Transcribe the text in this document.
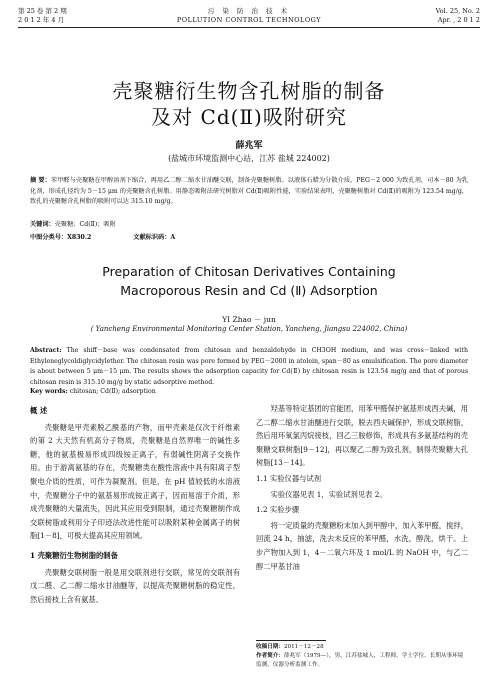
第 25 卷 第 2 期

2 0 1 2 年 4 月

污 染 防 治 技 术

POLLUTION CONTROL TECHNOLOGY

Vol. 25, No. 2

Apr. , 2 0 1 2

壳聚糖衍生物含孔树脂的制备
及对 Cd(Ⅱ)吸附研究
薛兆军
(盐城市环境监测中心站，江苏 盐城 224002)
摘 要：苯甲醛与壳聚糖在甲醇溶剂下缩合，再用乙二醇二缩水甘油醚交联，制备壳聚糖树脂。以液体石蜡为分散介质，PEG－2 000 为致孔剂，司本－80 为乳化剂，形成孔径约为 5－15 μm 的壳聚糖含孔树脂。用静态吸附法研究树脂对 Cd(Ⅱ)吸附性能，实验结果表明，壳聚糖树脂对 Cd(Ⅱ)的吸附为 123.54 mg/g，致孔的壳聚糖含孔树脂的吸附可以达 315.10 mg/g。
关键词：壳聚糖；Cd(Ⅱ)；吸附
中图分类号：X830.2	文献标识码：A
Preparation of Chitosan Derivatives Containing
Macroporous Resin and Cd (Ⅱ) Adsorption
YI Zhao － jun
( Yancheng Environmental Monitoring Center Station, Yancheng, Jiangsu 224002, China)
Abstract: The shiff－base was condensated from chitosan and benzaldehyde in CH3OH medium, and was cross－linked with Ethyleneglycoldiglycidylether. The chitosan resin was pore formed by PEG－2000 in atolein, span－80 as emulsification. The pore diameter is about between 5 μm－15 μm. The results shows the adsorption capacity for Cd(Ⅱ) by chitosan resin is 123.54 mg/g and that of porous chitosan resin is 315.10 mg/g by static adsorptive method.
Key words: chitosan; Cd(Ⅱ); adsorption
概 述

壳聚糖是甲壳素脱乙酰基的产物，而甲壳素是仅次于纤维素的第 2 大天然有机高分子物质，壳聚糖是自然界唯一的碱性多糖，他的氨基极易形成四级铵正离子，有弱碱性阴离子交换作用。由于游离氨基的存在，壳聚糖类在酸性溶液中具有阳离子型聚电介质的性质，可作为凝聚剂。但是，在 pH 值较低的水溶液中，壳聚糖分子中的氨基易形成铵正离子，因而易溶于介质，形成壳聚糖的大量流失，因此其应用受到限制，通过壳聚糖制作成交联树脂或利用分子印迹法改进性能可以吸附某种金属离子的树脂[1－8]，可极大提高其应用领域。

1 壳聚糖衍生物树脂的制备

壳聚糖交联树脂一般是用交联剂进行交联，常见的交联剂有戊二醛、乙二醇二缩水甘油醚等，以提高壳聚糖树脂的稳定性，然后接枝上含有氨基、

羟基等特定基团的官能团，用苯甲醛保护氨基形成西夫碱，用乙二醇二缩水甘油醚进行交联，脱去西夫碱保护，形成交联树脂，然后用环氧氯丙烷接枝，回乙三胺修饰，形成具有多氨基结构的壳聚糖交联树脂[9－12]，再以聚乙二醇为致孔剂，制得壳聚糖大孔树脂[13－14]。

1.1 实验仪器与试剂

实验仪器见表 1，实验试剂见表 2。

1.2 实验步骤

将一定质量的壳聚糖粉末加入到甲醇中，加入苯甲醛，搅拌，回流 24 h，抽滤，洗去未反应的苯甲醛，水洗，醇洗，烘干。上步产物加入到 1，4－二氧六环及 1 mol/L 的 NaOH 中，与乙二醇二甲基甘油

收稿日期：2011－12－28
作者简介：薛兆军（1979—），男，江苏盐城人，工程师，学士学位，长期从事环境监测，仪器分析监测工作。
